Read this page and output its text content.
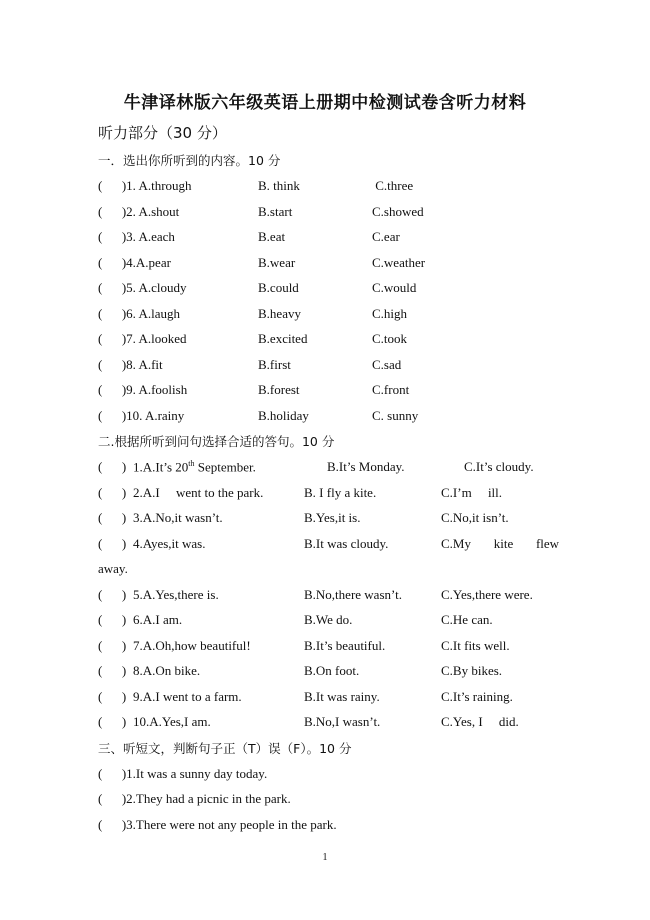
牛津译林版六年级英语上册期中检测试卷含听力材料
听力部分（30 分）
一．选出你所听到的内容。10 分
(      )1. A.through	B. think	C.three
(      )2. A.shout	B.start	C.showed
(      )3. A.each	B.eat	C.ear
(      )4.A.pear	B.wear	C.weather
(      )5. A.cloudy	B.could	C.would
(      )6. A.laugh	B.heavy	C.high
(      )7. A.looked	B.excited	C.took
(      )8. A.fit	B.first	C.sad
(      )9. A.foolish	B.forest	C.front
(      )10. A.rainy	B.holiday	C. sunny
二.根据所听到问句选择合适的答句。10 分
(      ) 1.A.It’s 20th September.	B.It’s Monday.	C.It’s cloudy.
(      ) 2.A.I     went to the park.	B. I fly a kite.	C.I’m     ill.
(      ) 3.A.No,it wasn’t.	B.Yes,it is.	C.No,it isn’t.
(      ) 4.Ayes,it was.	B.It was cloudy.	C.My       kite       flew
away.
(      ) 5.A.Yes,there is.	B.No,there wasn’t.	C.Yes,there were.
(      ) 6.A.I am.	B.We do.	C.He can.
(      ) 7.A.Oh,how beautiful!	B.It’s beautiful.	C.It fits well.
(      ) 8.A.On bike.	B.On foot.	C.By bikes.
(      ) 9.A.I went to a farm.	B.It was rainy.	C.It’s raining.
(      ) 10.A.Yes,I am.	B.No,I wasn’t.	C.Yes, I     did.
三、听短文，判断句子正（T）误（F）。10 分
(      )1.It was a sunny day today.
(      )2.They had a picnic in the park.
(      )3.There were not any people in the park.
1
